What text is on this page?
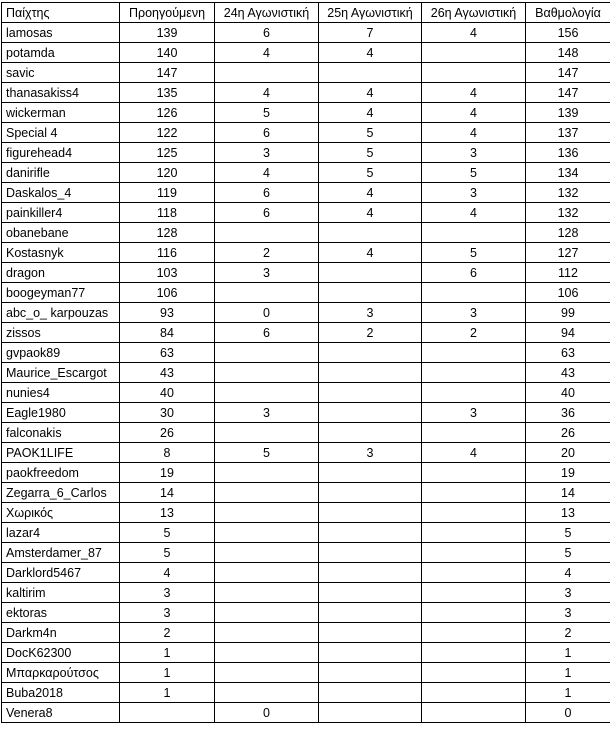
Παίχτης	Προηγούμενη	24η Αγωνιστική	25η Αγωνιστική	26η Αγωνιστική	Βαθμολογία
lamosas	139	6	7	4	156
potamda	140	4	4		148
savic	147				147
thanasakiss4	135	4	4	4	147
wickerman	126	5	4	4	139
Special 4	122	6	5	4	137
figurehead4	125	3	5	3	136
danirifle	120	4	5	5	134
Daskalos_4	119	6	4	3	132
painkiller4	118	6	4	4	132
obanebane	128				128
Kostasnyk	116	2	4	5	127
dragon	103	3		6	112
boogeyman77	106				106
abc_o_ karpouzas	93	0	3	3	99
zissos	84	6	2	2	94
gvpaok89	63				63
Maurice_Escargot	43				43
nunies4	40				40
Eagle1980	30	3		3	36
falconakis	26				26
PAOK1LIFE	8	5	3	4	20
paokfreedom	19				19
Zegarra_6_Carlos	14				14
Χωρικός	13				13
lazar4	5				5
Amsterdamer_87	5				5
Darklord5467	4				4
kaltirim	3				3
ektoras	3				3
Darkm4n	2				2
DocK62300	1				1
Μπαρκαρούτσος	1				1
Buba2018	1				1
Venera8		0			0
